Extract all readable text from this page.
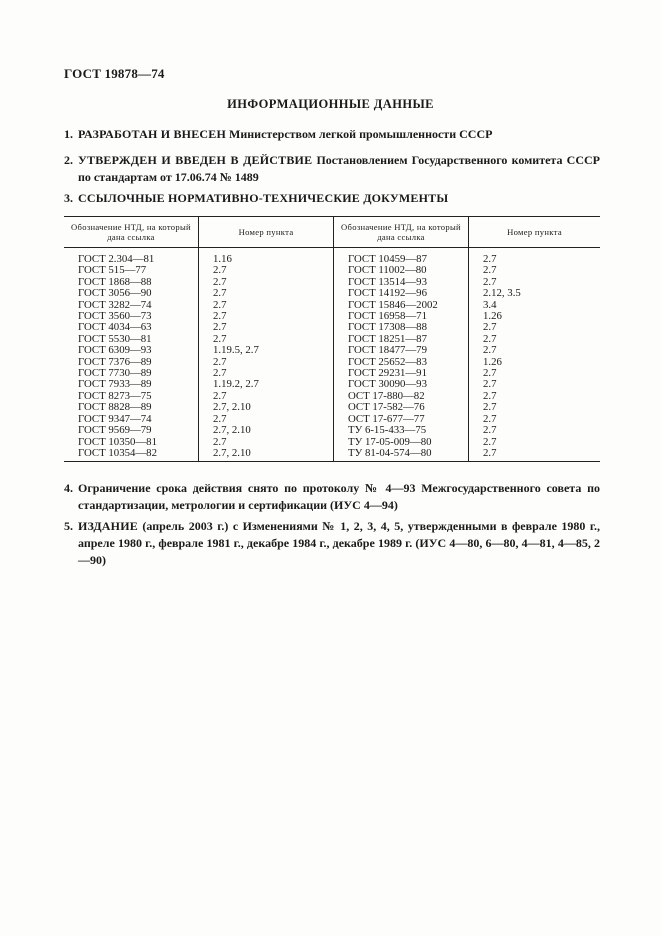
ГОСТ 19878—74
ИНФОРМАЦИОННЫЕ ДАННЫЕ
1. РАЗРАБОТАН И ВНЕСЕН Министерством легкой промышленности СССР
2. УТВЕРЖДЕН И ВВЕДЕН В ДЕЙСТВИЕ Постановлением Государственного комитета СССР по стандартам от 17.06.74 № 1489
3. ССЫЛОЧНЫЕ НОРМАТИВНО-ТЕХНИЧЕСКИЕ ДОКУМЕНТЫ
Обозначение НТД, на который дана ссылка	Номер пункта	Обозначение НТД, на который дана ссылка	Номер пункта
ГОСТ 2.304—81	1.16	ГОСТ 10459—87	2.7
ГОСТ 515—77	2.7	ГОСТ 11002—80	2.7
ГОСТ 1868—88	2.7	ГОСТ 13514—93	2.7
ГОСТ 3056—90	2.7	ГОСТ 14192—96	2.12, 3.5
ГОСТ 3282—74	2.7	ГОСТ 15846—2002	3.4
ГОСТ 3560—73	2.7	ГОСТ 16958—71	1.26
ГОСТ 4034—63	2.7	ГОСТ 17308—88	2.7
ГОСТ 5530—81	2.7	ГОСТ 18251—87	2.7
ГОСТ 6309—93	1.19.5, 2.7	ГОСТ 18477—79	2.7
ГОСТ 7376—89	2.7	ГОСТ 25652—83	1.26
ГОСТ 7730—89	2.7	ГОСТ 29231—91	2.7
ГОСТ 7933—89	1.19.2, 2.7	ГОСТ 30090—93	2.7
ГОСТ 8273—75	2.7	ОСТ 17-880—82	2.7
ГОСТ 8828—89	2.7, 2.10	ОСТ 17-582—76	2.7
ГОСТ 9347—74	2.7	ОСТ 17-677—77	2.7
ГОСТ 9569—79	2.7, 2.10	ТУ 6-15-433—75	2.7
ГОСТ 10350—81	2.7	ТУ 17-05-009—80	2.7
ГОСТ 10354—82	2.7, 2.10	ТУ 81-04-574—80	2.7
4. Ограничение срока действия снято по протоколу № 4—93 Межгосударственного совета по стандартизации, метрологии и сертификации (ИУС 4—94)
5. ИЗДАНИЕ (апрель 2003 г.) с Изменениями № 1, 2, 3, 4, 5, утвержденными в феврале 1980 г., апреле 1980 г., феврале 1981 г., декабре 1984 г., декабре 1989 г. (ИУС 4—80, 6—80, 4—81, 4—85, 2—90)
